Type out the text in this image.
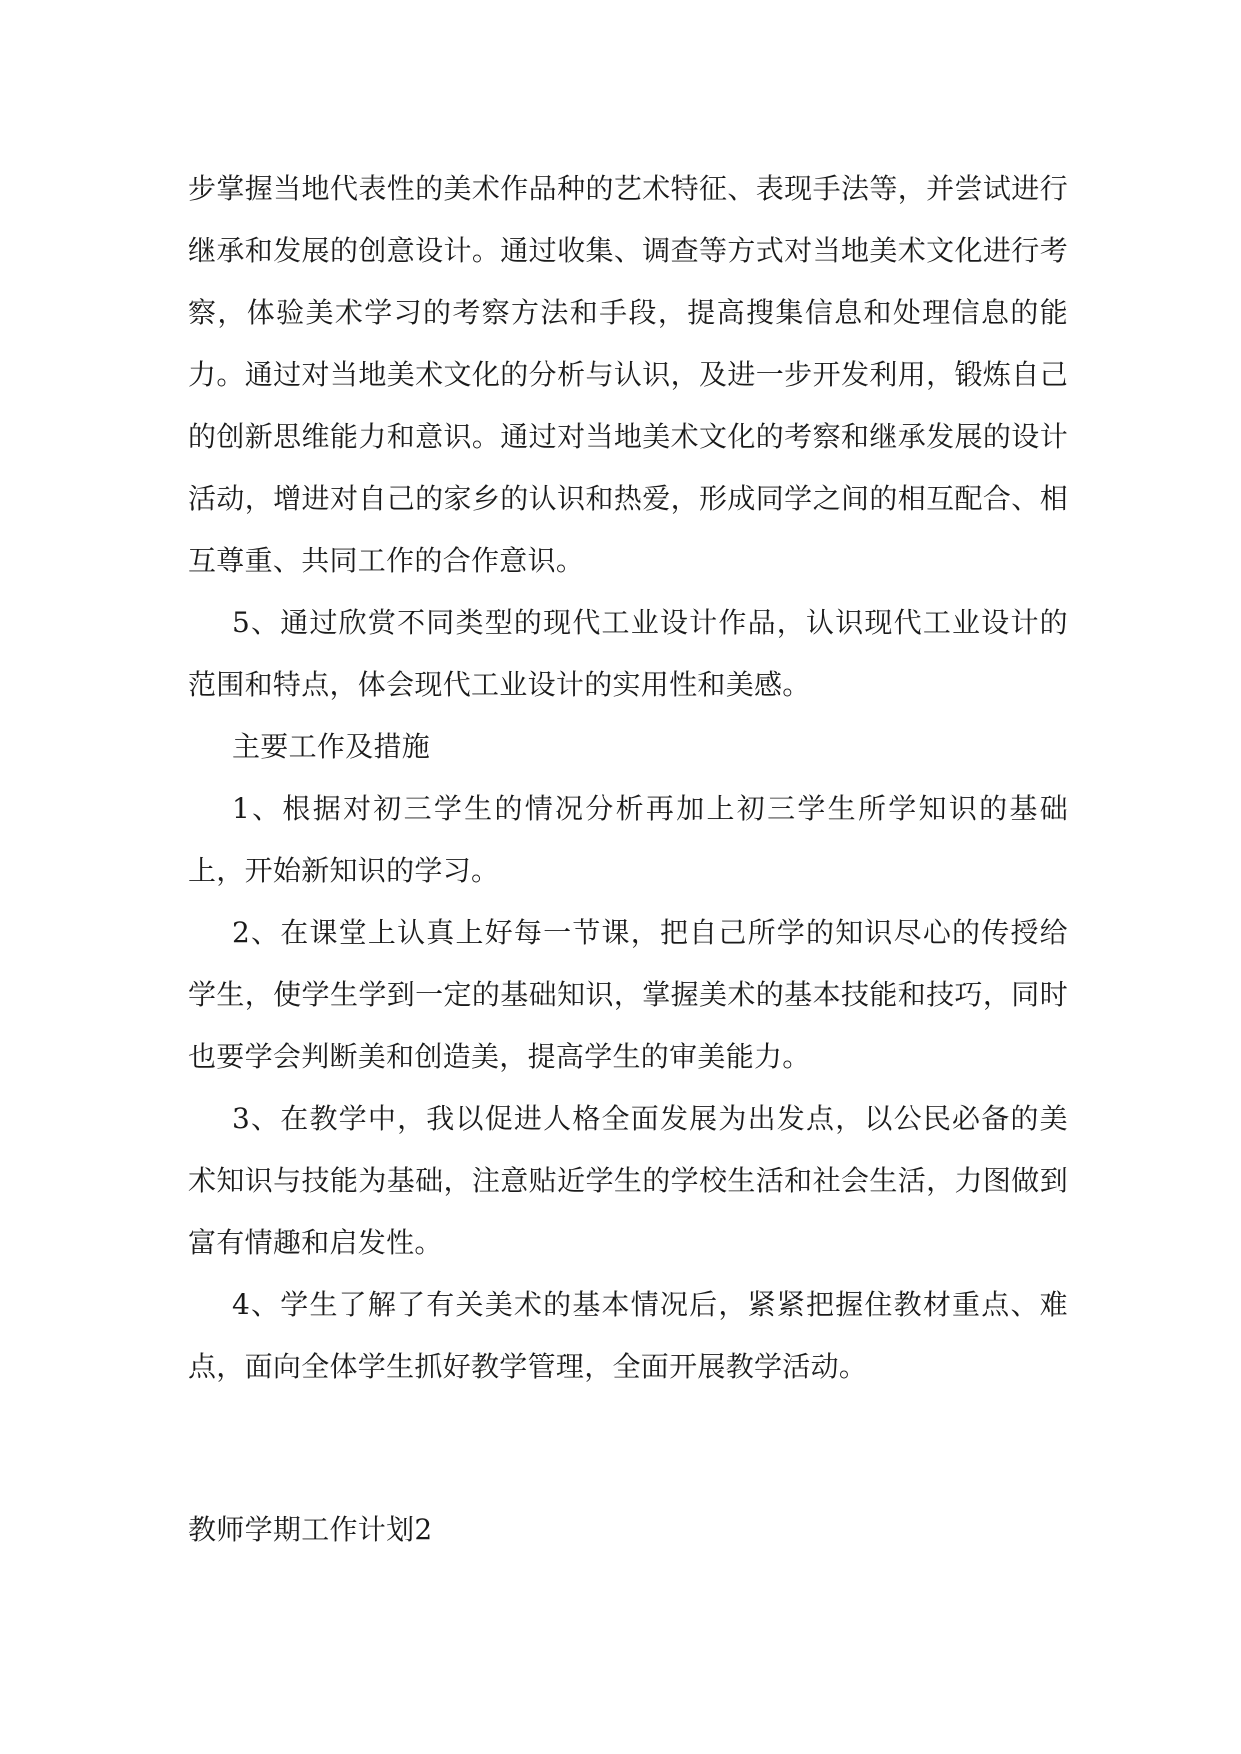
步掌握当地代表性的美术作品种的艺术特征、表现手法等，并尝试进行继承和发展的创意设计。通过收集、调查等方式对当地美术文化进行考察，体验美术学习的考察方法和手段，提高搜集信息和处理信息的能力。通过对当地美术文化的分析与认识，及进一步开发利用，锻炼自己的创新思维能力和意识。通过对当地美术文化的考察和继承发展的设计活动，增进对自己的家乡的认识和热爱，形成同学之间的相互配合、相互尊重、共同工作的合作意识。

5、通过欣赏不同类型的现代工业设计作品，认识现代工业设计的范围和特点，体会现代工业设计的实用性和美感。

主要工作及措施

1、根据对初三学生的情况分析再加上初三学生所学知识的基础上，开始新知识的学习。

2、在课堂上认真上好每一节课，把自己所学的知识尽心的传授给学生，使学生学到一定的基础知识，掌握美术的基本技能和技巧，同时也要学会判断美和创造美，提高学生的审美能力。

3、在教学中，我以促进人格全面发展为出发点，以公民必备的美术知识与技能为基础，注意贴近学生的学校生活和社会生活，力图做到富有情趣和启发性。

4、学生了解了有关美术的基本情况后，紧紧把握住教材重点、难点，面向全体学生抓好教学管理，全面开展教学活动。

教师学期工作计划2
